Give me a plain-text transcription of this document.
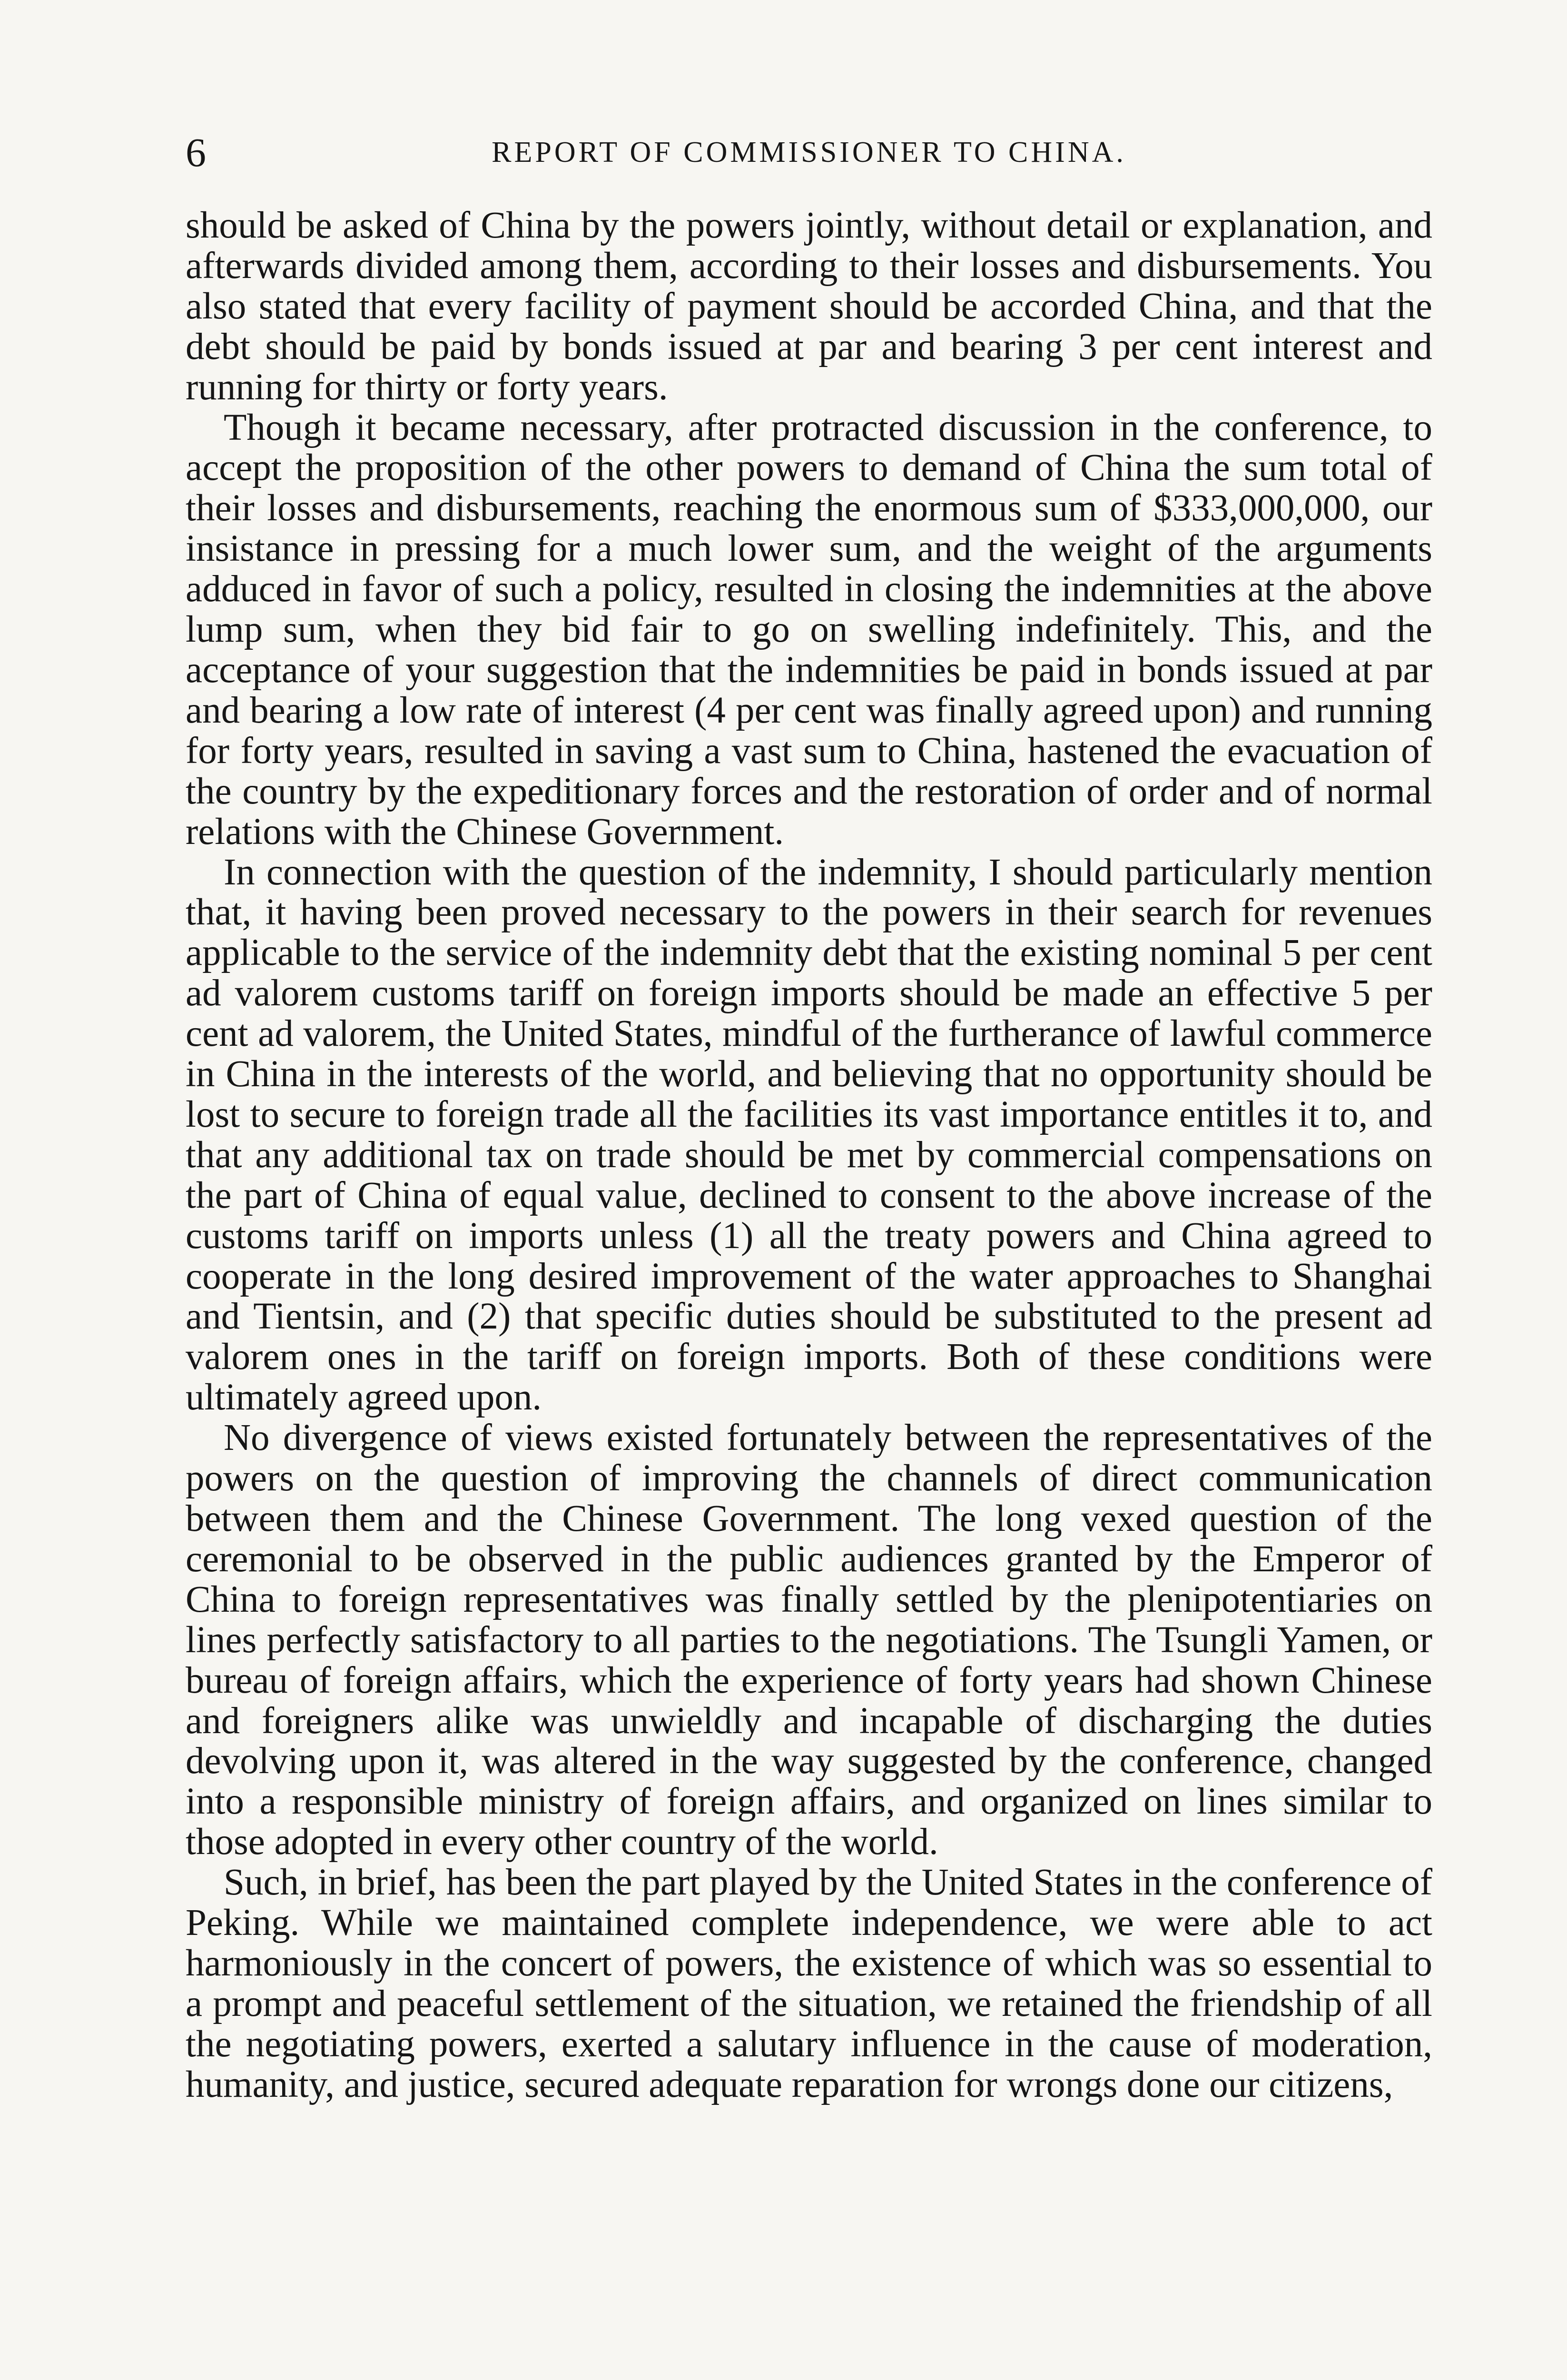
6	REPORT OF COMMISSIONER TO CHINA.

should be asked of China by the powers jointly, without detail or explanation, and afterwards divided among them, according to their losses and disbursements. You also stated that every facility of payment should be accorded China, and that the debt should be paid by bonds issued at par and bearing 3 per cent interest and running for thirty or forty years.

Though it became necessary, after protracted discussion in the conference, to accept the proposition of the other powers to demand of China the sum total of their losses and disbursements, reaching the enormous sum of $333,000,000, our insistance in pressing for a much lower sum, and the weight of the arguments adduced in favor of such a policy, resulted in closing the indemnities at the above lump sum, when they bid fair to go on swelling indefinitely. This, and the acceptance of your suggestion that the indemnities be paid in bonds issued at par and bearing a low rate of interest (4 per cent was finally agreed upon) and running for forty years, resulted in saving a vast sum to China, hastened the evacuation of the country by the expeditionary forces and the restoration of order and of normal relations with the Chinese Government.

In connection with the question of the indemnity, I should particularly mention that, it having been proved necessary to the powers in their search for revenues applicable to the service of the indemnity debt that the existing nominal 5 per cent ad valorem customs tariff on foreign imports should be made an effective 5 per cent ad valorem, the United States, mindful of the furtherance of lawful commerce in China in the interests of the world, and believing that no opportunity should be lost to secure to foreign trade all the facilities its vast importance entitles it to, and that any additional tax on trade should be met by commercial compensations on the part of China of equal value, declined to consent to the above increase of the customs tariff on imports unless (1) all the treaty powers and China agreed to cooperate in the long desired improvement of the water approaches to Shanghai and Tientsin, and (2) that specific duties should be substituted to the present ad valorem ones in the tariff on foreign imports. Both of these conditions were ultimately agreed upon.

No divergence of views existed fortunately between the representatives of the powers on the question of improving the channels of direct communication between them and the Chinese Government. The long vexed question of the ceremonial to be observed in the public audiences granted by the Emperor of China to foreign representatives was finally settled by the plenipotentiaries on lines perfectly satisfactory to all parties to the negotiations. The Tsungli Yamen, or bureau of foreign affairs, which the experience of forty years had shown Chinese and foreigners alike was unwieldly and incapable of discharging the duties devolving upon it, was altered in the way suggested by the conference, changed into a responsible ministry of foreign affairs, and organized on lines similar to those adopted in every other country of the world.

Such, in brief, has been the part played by the United States in the conference of Peking. While we maintained complete independence, we were able to act harmoniously in the concert of powers, the existence of which was so essential to a prompt and peaceful settlement of the situation, we retained the friendship of all the negotiating powers, exerted a salutary influence in the cause of moderation, humanity, and justice, secured adequate reparation for wrongs done our citizens,
